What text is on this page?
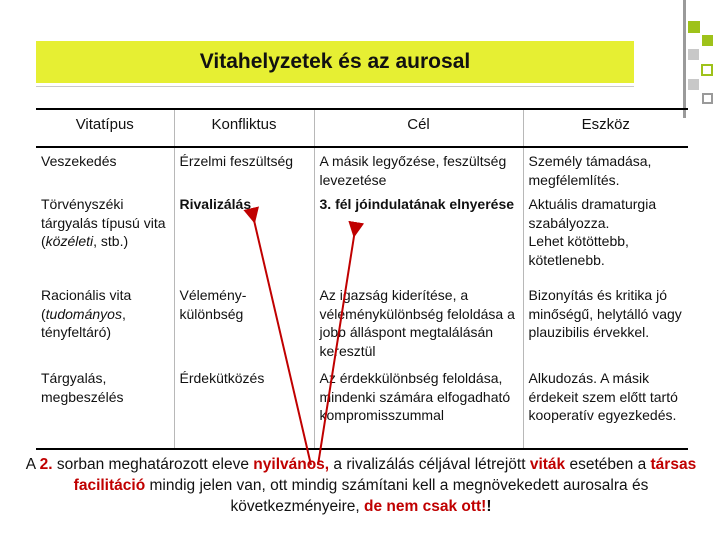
Vitahelyzetek és az aurosal
Vitatípus	Konfliktus	Cél	Eszköz
Veszekedés	Érzelmi feszültség	A másik legyőzése, feszültség levezetése	Személy támadása, megfélemlítés.
Törvényszéki tárgyalás típusú vita (közéleti, stb.)	Rivalizálás	3. fél jóindulatának elnyerése	Aktuális dramaturgia szabályozza.
Lehet kötöttebb, kötetlenebb.

Racionális vita (tudományos, tényfeltáró)	Vélemény-különbség	Az igazság kiderítése, a véleménykülönbség feloldása a jobb álláspont megtalálásán keresztül	Bizonyítás és kritika jó minőségű, helytálló vagy plauzibilis érvekkel.
Tárgyalás, megbeszélés	Érdekütközés	Az érdekkülönbség feloldása, mindenki számára elfogadható kompromisszummal	Alkudozás. A másik érdekeit szem előtt tartó kooperatív egyezkedés.
A 2. sorban meghatározott eleve nyilvános, a rivalizálás céljával létrejött viták esetében a társas facilitáció mindig jelen van, ott mindig számítani kell a megnövekedett aurosalra és következményeire, de nem csak ott!!
